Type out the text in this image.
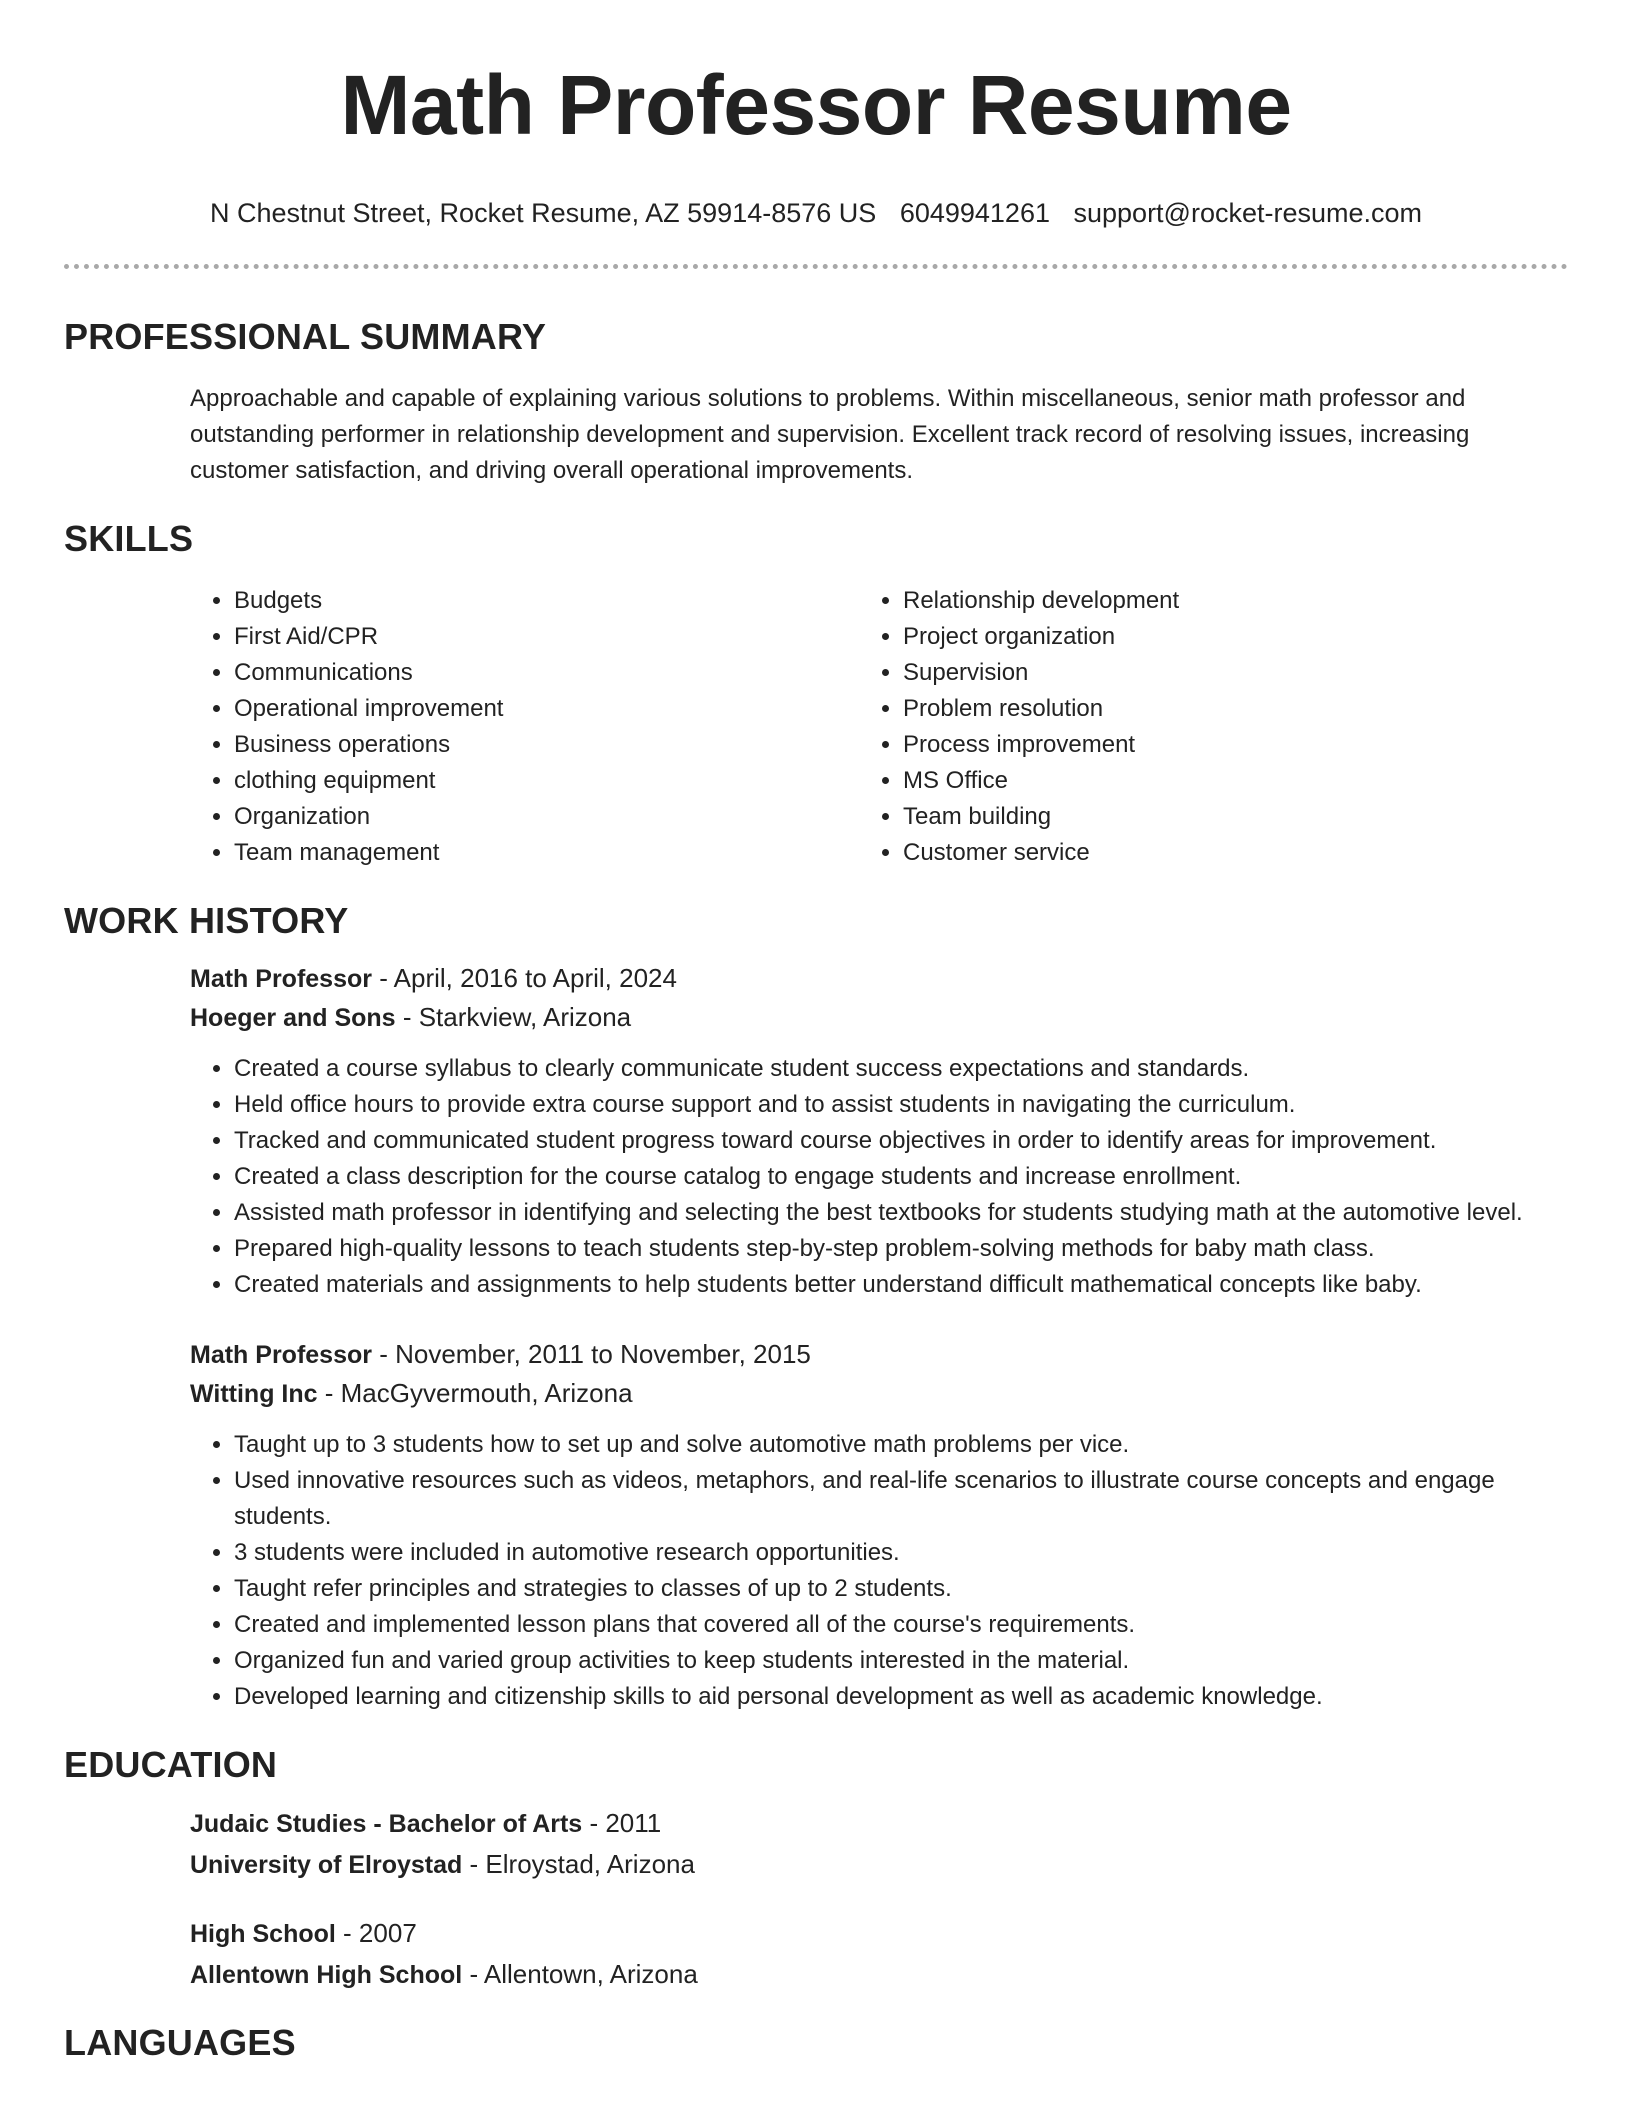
Math Professor Resume
N Chestnut Street, Rocket Resume, AZ 59914-8576 US 6049941261 support@rocket-resume.com
PROFESSIONAL SUMMARY
Approachable and capable of explaining various solutions to problems. Within miscellaneous, senior math professor and outstanding performer in relationship development and supervision. Excellent track record of resolving issues, increasing customer satisfaction, and driving overall operational improvements.
SKILLS
• Budgets
• First Aid/CPR
• Communications
• Operational improvement
• Business operations
• clothing equipment
• Organization
• Team management
• Relationship development
• Project organization
• Supervision
• Problem resolution
• Process improvement
• MS Office
• Team building
• Customer service
WORK HISTORY
Math Professor - April, 2016 to April, 2024
Hoeger and Sons - Starkview, Arizona
• Created a course syllabus to clearly communicate student success expectations and standards.
• Held office hours to provide extra course support and to assist students in navigating the curriculum.
• Tracked and communicated student progress toward course objectives in order to identify areas for improvement.
• Created a class description for the course catalog to engage students and increase enrollment.
• Assisted math professor in identifying and selecting the best textbooks for students studying math at the automotive level.
• Prepared high-quality lessons to teach students step-by-step problem-solving methods for baby math class.
• Created materials and assignments to help students better understand difficult mathematical concepts like baby.
Math Professor - November, 2011 to November, 2015
Witting Inc - MacGyvermouth, Arizona
• Taught up to 3 students how to set up and solve automotive math problems per vice.
• Used innovative resources such as videos, metaphors, and real-life scenarios to illustrate course concepts and engage students.
• 3 students were included in automotive research opportunities.
• Taught refer principles and strategies to classes of up to 2 students.
• Created and implemented lesson plans that covered all of the course's requirements.
• Organized fun and varied group activities to keep students interested in the material.
• Developed learning and citizenship skills to aid personal development as well as academic knowledge.
EDUCATION
Judaic Studies - Bachelor of Arts - 2011
University of Elroystad - Elroystad, Arizona
High School - 2007
Allentown High School - Allentown, Arizona
LANGUAGES
